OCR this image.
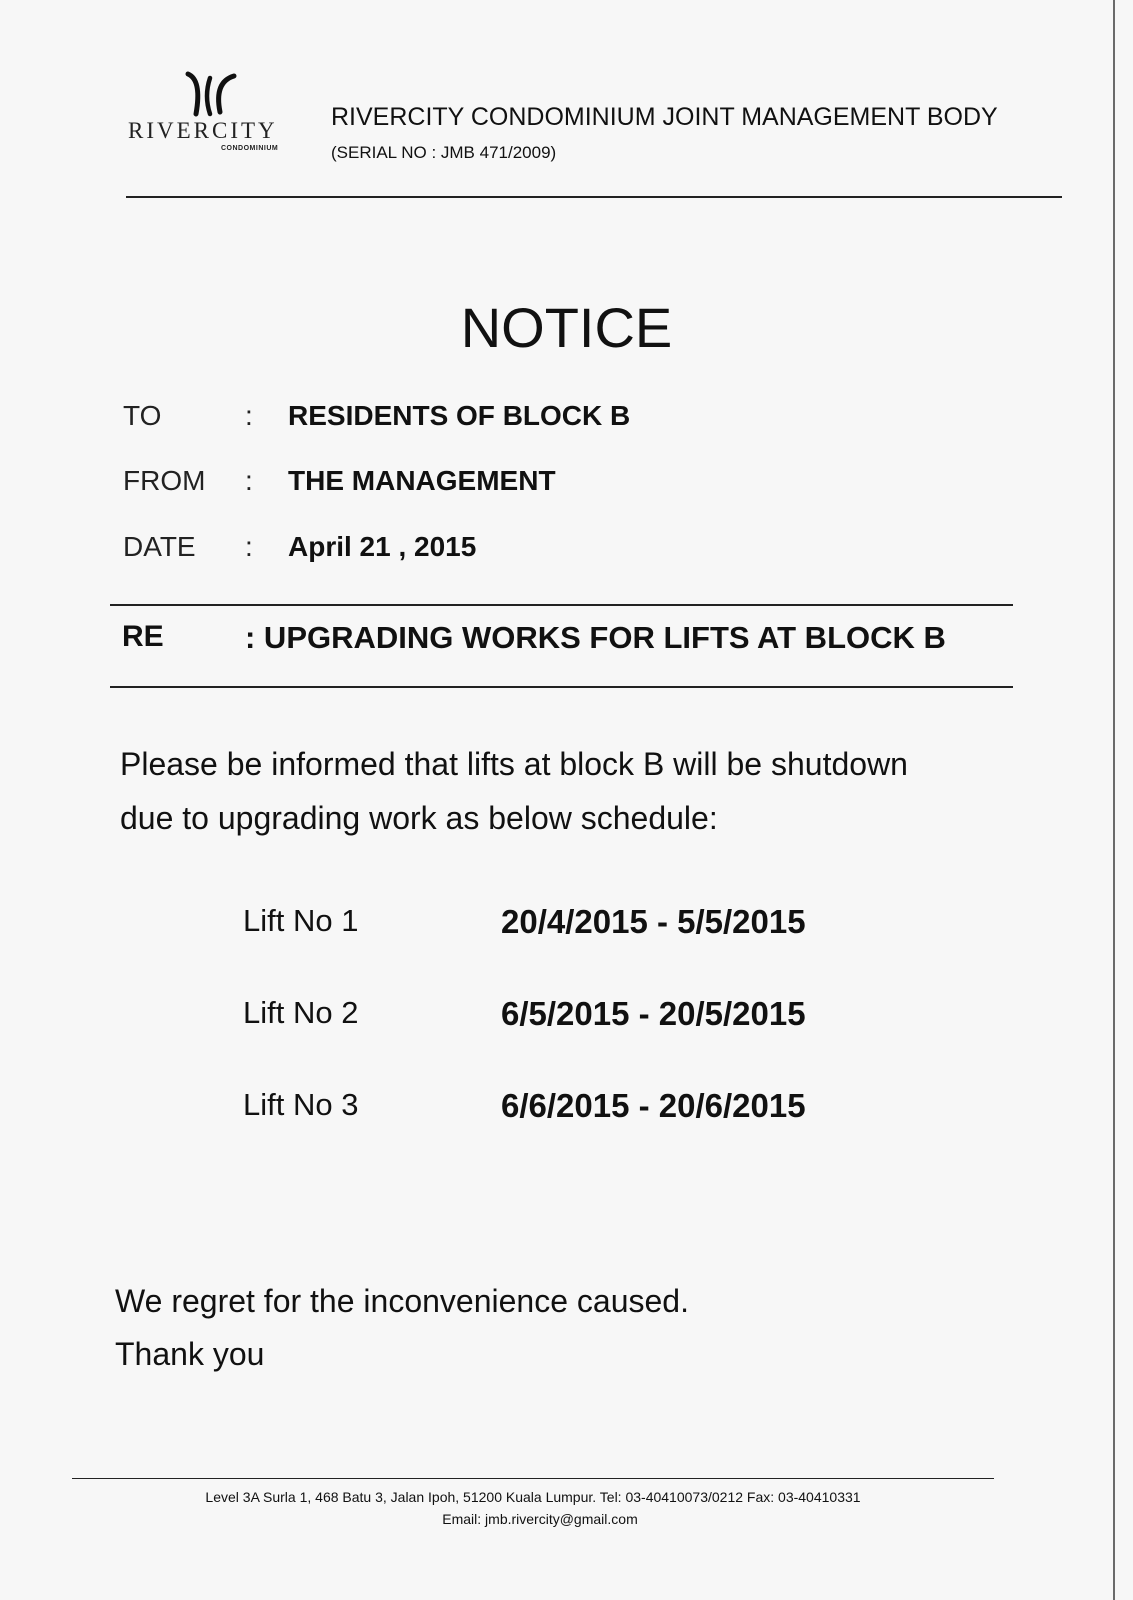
RIVERCITY
CONDOMINIUM
RIVERCITY CONDOMINIUM JOINT MANAGEMENT BODY
(SERIAL NO : JMB 471/2009)
NOTICE
TO	: RESIDENTS OF BLOCK B
FROM : THE MANAGEMENT
DATE : April 21 , 2015
RE	: UPGRADING WORKS FOR LIFTS AT BLOCK B
Please be informed that lifts at block B will be shutdown
due to upgrading work as below schedule:
Lift No 1	20/4/2015 - 5/5/2015
Lift No 2	6/5/2015 - 20/5/2015
Lift No 3	6/6/2015 - 20/6/2015
We regret for the inconvenience caused.
Thank you
Level 3A Surla 1, 468 Batu 3, Jalan Ipoh, 51200 Kuala Lumpur. Tel: 03-40410073/0212 Fax: 03-40410331
Email: jmb.rivercity@gmail.com
